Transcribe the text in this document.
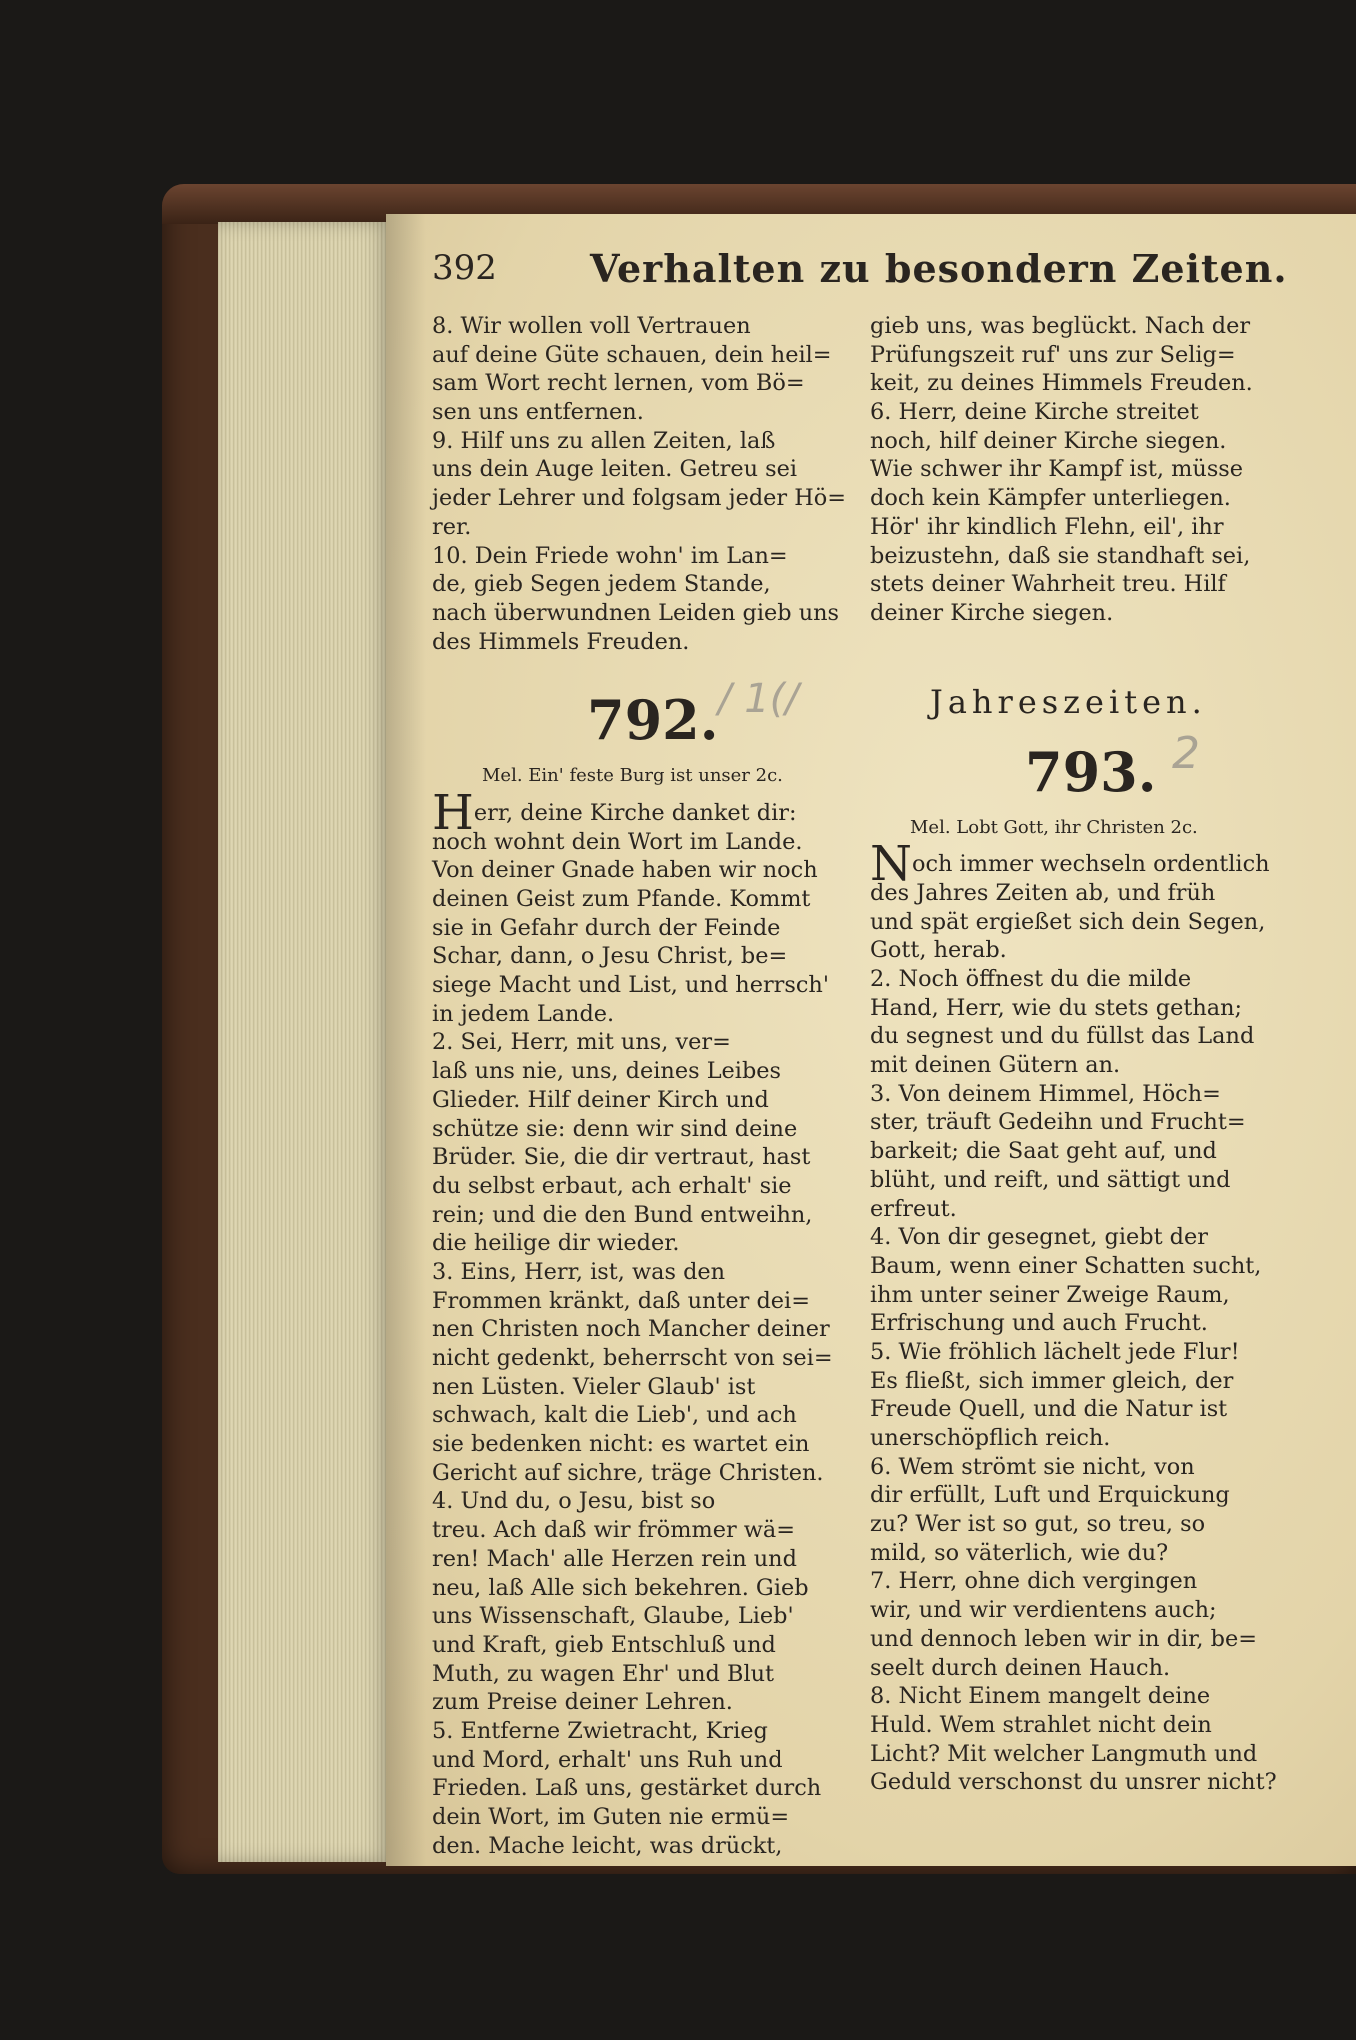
392 Verhalten zu besondern Zeiten.
/ 1(/
2
8. Wir wollen voll Vertrauen
auf deine Güte schauen, dein heil=
sam Wort recht lernen, vom Bö=
sen uns entfernen.
9. Hilf uns zu allen Zeiten, laß
uns dein Auge leiten. Getreu sei
jeder Lehrer und folgsam jeder Hö=
rer.
10. Dein Friede wohn' im Lan=
de, gieb Segen jedem Stande,
nach überwundnen Leiden gieb uns
des Himmels Freuden.
792.
Mel. Ein' feste Burg ist unser 2c.
Herr, deine Kirche danket dir:
noch wohnt dein Wort im Lande.
Von deiner Gnade haben wir noch
deinen Geist zum Pfande. Kommt
sie in Gefahr durch der Feinde
Schar, dann, o Jesu Christ, be=
siege Macht und List, und herrsch'
in jedem Lande.
2. Sei, Herr, mit uns, ver=
laß uns nie, uns, deines Leibes
Glieder. Hilf deiner Kirch und
schütze sie: denn wir sind deine
Brüder. Sie, die dir vertraut, hast
du selbst erbaut, ach erhalt' sie
rein; und die den Bund entweihn,
die heilige dir wieder.
3. Eins, Herr, ist, was den
Frommen kränkt, daß unter dei=
nen Christen noch Mancher deiner
nicht gedenkt, beherrscht von sei=
nen Lüsten. Vieler Glaub' ist
schwach, kalt die Lieb', und ach
sie bedenken nicht: es wartet ein
Gericht auf sichre, träge Christen.
4. Und du, o Jesu, bist so
treu. Ach daß wir frömmer wä=
ren! Mach' alle Herzen rein und
neu, laß Alle sich bekehren. Gieb
uns Wissenschaft, Glaube, Lieb'
und Kraft, gieb Entschluß und
Muth, zu wagen Ehr' und Blut
zum Preise deiner Lehren.
5. Entferne Zwietracht, Krieg
und Mord, erhalt' uns Ruh und
Frieden. Laß uns, gestärket durch
dein Wort, im Guten nie ermü=
den. Mache leicht, was drückt,
gieb uns, was beglückt. Nach der
Prüfungszeit ruf' uns zur Selig=
keit, zu deines Himmels Freuden.
6. Herr, deine Kirche streitet
noch, hilf deiner Kirche siegen.
Wie schwer ihr Kampf ist, müsse
doch kein Kämpfer unterliegen.
Hör' ihr kindlich Flehn, eil', ihr
beizustehn, daß sie standhaft sei,
stets deiner Wahrheit treu. Hilf
deiner Kirche siegen.
Jahreszeiten.
793.
Mel. Lobt Gott, ihr Christen 2c.
Noch immer wechseln ordentlich
des Jahres Zeiten ab, und früh
und spät ergießet sich dein Segen,
Gott, herab.
2. Noch öffnest du die milde
Hand, Herr, wie du stets gethan;
du segnest und du füllst das Land
mit deinen Gütern an.
3. Von deinem Himmel, Höch=
ster, träuft Gedeihn und Frucht=
barkeit; die Saat geht auf, und
blüht, und reift, und sättigt und
erfreut.
4. Von dir gesegnet, giebt der
Baum, wenn einer Schatten sucht,
ihm unter seiner Zweige Raum,
Erfrischung und auch Frucht.
5. Wie fröhlich lächelt jede Flur!
Es fließt, sich immer gleich, der
Freude Quell, und die Natur ist
unerschöpflich reich.
6. Wem strömt sie nicht, von
dir erfüllt, Luft und Erquickung
zu? Wer ist so gut, so treu, so
mild, so väterlich, wie du?
7. Herr, ohne dich vergingen
wir, und wir verdientens auch;
und dennoch leben wir in dir, be=
seelt durch deinen Hauch.
8. Nicht Einem mangelt deine
Huld. Wem strahlet nicht dein
Licht? Mit welcher Langmuth und
Geduld verschonst du unsrer nicht?
